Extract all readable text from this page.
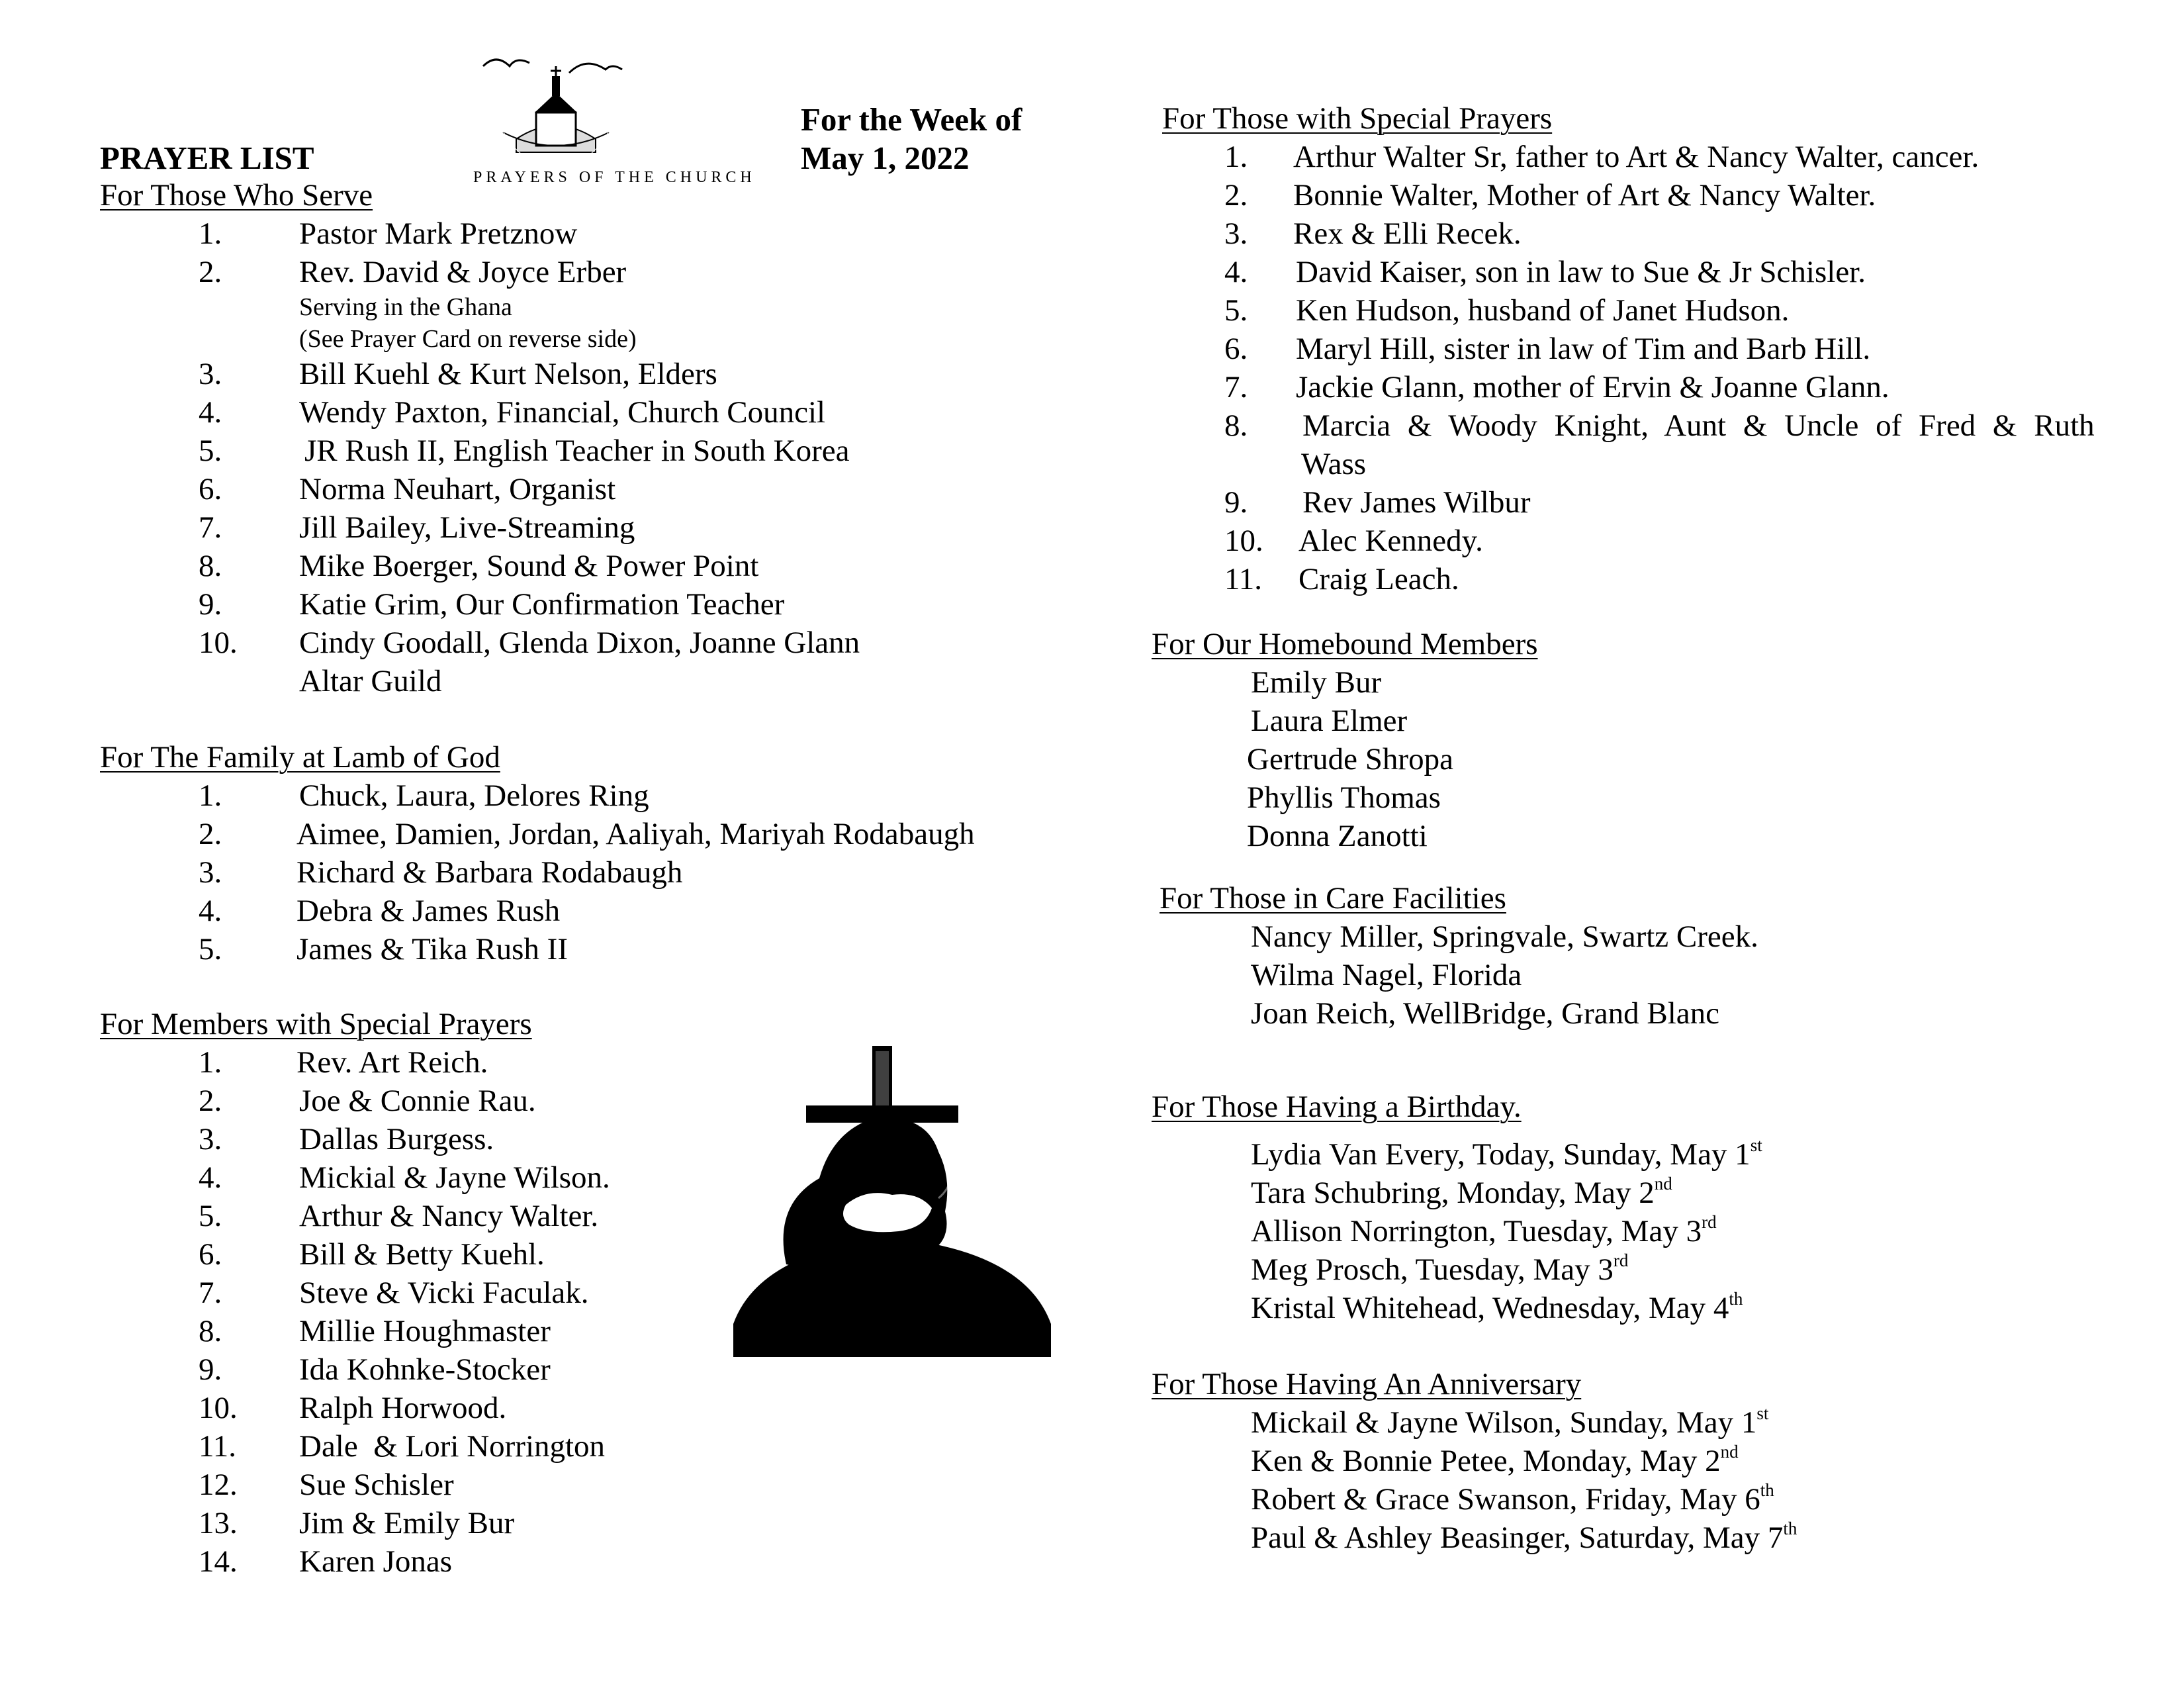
PRAYER LIST
For the Week of
May 1, 2022
PRAYERS OF THE CHURCH
For Those Who Serve
1. Pastor Mark Pretznow
2. Rev. David & Joyce Erber
Serving in the Ghana
(See Prayer Card on reverse side)
3. Bill Kuehl & Kurt Nelson, Elders
4. Wendy Paxton, Financial, Church Council
5.	JR Rush II, English Teacher in South Korea
6. Norma Neuhart, Organist
7. Jill Bailey, Live-Streaming
8. Mike Boerger, Sound & Power Point
9. Katie Grim, Our Confirmation Teacher
10. Cindy Goodall, Glenda Dixon, Joanne Glann
Altar Guild
For The Family at Lamb of God
1. Chuck, Laura, Delores Ring
2. Aimee, Damien, Jordan, Aaliyah, Mariyah Rodabaugh
3. Richard & Barbara Rodabaugh
4. Debra & James Rush
5. James & Tika Rush II
For Members with Special Prayers
1. Rev. Art Reich.
2. Joe & Connie Rau.
3. Dallas Burgess.
4. Mickial & Jayne Wilson.
5. Arthur & Nancy Walter.
6. Bill & Betty Kuehl.
7. Steve & Vicki Faculak.
8. Millie Houghmaster
9. Ida Kohnke-Stocker
10. Ralph Horwood.
11. Dale  & Lori Norrington
12. Sue Schisler
13. Jim & Emily Bur
14. Karen Jonas
For Those with Special Prayers
1. Arthur Walter Sr, father to Art & Nancy Walter, cancer.
2. Bonnie Walter, Mother of Art & Nancy Walter.
3. Rex & Elli Recek.
4. David Kaiser, son in law to Sue & Jr Schisler.
5. Ken Hudson, husband of Janet Hudson.
6. Maryl Hill, sister in law of Tim and Barb Hill.
7. Jackie Glann, mother of Ervin & Joanne Glann.
8. Marcia & Woody Knight, Aunt & Uncle of Fred & Ruth
Wass
9. Rev James Wilbur
10. Alec Kennedy.
11. Craig Leach.
For Our Homebound Members
Emily Bur
Laura Elmer
Gertrude Shropa
Phyllis Thomas
Donna Zanotti
For Those in Care Facilities
Nancy Miller, Springvale, Swartz Creek.
Wilma Nagel, Florida
Joan Reich, WellBridge, Grand Blanc
For Those Having a Birthday.
Lydia Van Every, Today, Sunday, May 1st
Tara Schubring, Monday, May 2nd
Allison Norrington, Tuesday, May 3rd
Meg Prosch, Tuesday, May 3rd
Kristal Whitehead, Wednesday, May 4th
For Those Having An Anniversary
Mickail & Jayne Wilson, Sunday, May 1st
Ken & Bonnie Petee, Monday, May 2nd
Robert & Grace Swanson, Friday, May 6th
Paul & Ashley Beasinger, Saturday, May 7th
